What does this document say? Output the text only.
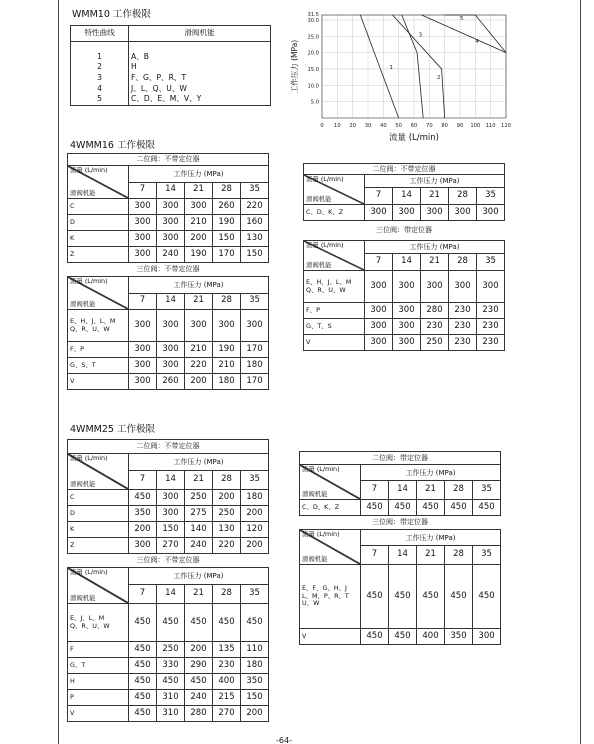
WMM10 工作极限
特性曲线	滑阀机能
1	A、B
2	H
3	F、G、P、R、T
4	J、L、Q、U、W
5	C、D、E、M、V、Y
0 10 20 30 40 50 60 70 80 90 100 110 120
5.0
10.0
15.0
20.0
25.0
30.0
31.5
流量 (L/min)
工作压力 (MPa)	1
2
3
4
5
4WMM16 工作极限
二位阀：不带定位器					

流量 (L/min)
滑阀机能	工作压力 (MPa)				
	7	14	21	28	35
C	300	300	300	260	220
D	300	300	210	190	160
K	300	300	200	150	130
Z	300	240	190	170	150
三位阀：不带定位器					

流量 (L/min)
滑阀机能	工作压力 (MPa)				
	7	14	21	28	35
E、H、J、L、M
Q、R、U、W	300	300	300	300	300
F、P	300	300	210	190	170
G、S、T	300	300	220	210	180
V	300	260	200	180	170
二位阀：不带定位器					

流量 (L/min)
滑阀机能	工作压力 (MPa)				
	7	14	21	28	35
C、D、K、Z	300	300	300	300	300
三位阀：带定位器					

流量 (L/min)
滑阀机能	工作压力 (MPa)				
	7	14	21	28	35
E、H、J、L、M
Q、R、U、W	300	300	300	300	300
F、P	300	300	280	230	230
G、T、S	300	300	230	230	230
V	300	300	250	230	230
4WMM25 工作极限
二位阀：不带定位器					

流量 (L/min)
滑阀机能	工作压力 (MPa)				
	7	14	21	28	35
C	450	300	250	200	180
D	350	300	275	250	200
K	200	150	140	130	120
Z	300	270	240	220	200
三位阀：不带定位器					

流量 (L/min)
滑阀机能	工作压力 (MPa)				
	7	14	21	28	35
E、J、L、M
Q、R、U、W	450	450	450	450	450
F	450	250	200	135	110
G、T	450	330	290	230	180
H	450	450	450	400	350
P	450	310	240	215	150
V	450	310	280	270	200
二位阀：带定位器					

流量 (L/min)
滑阀机能	工作压力 (MPa)				
	7	14	21	28	35
C、D、K、Z	450	450	450	450	450
三位阀：带定位器					

流量 (L/min)
滑阀机能	工作压力 (MPa)				
	7	14	21	28	35
E、F、G、H、J
L、M、P、R、T
U、W	450	450	450	450	450
V	450	450	400	350	300
-64-
